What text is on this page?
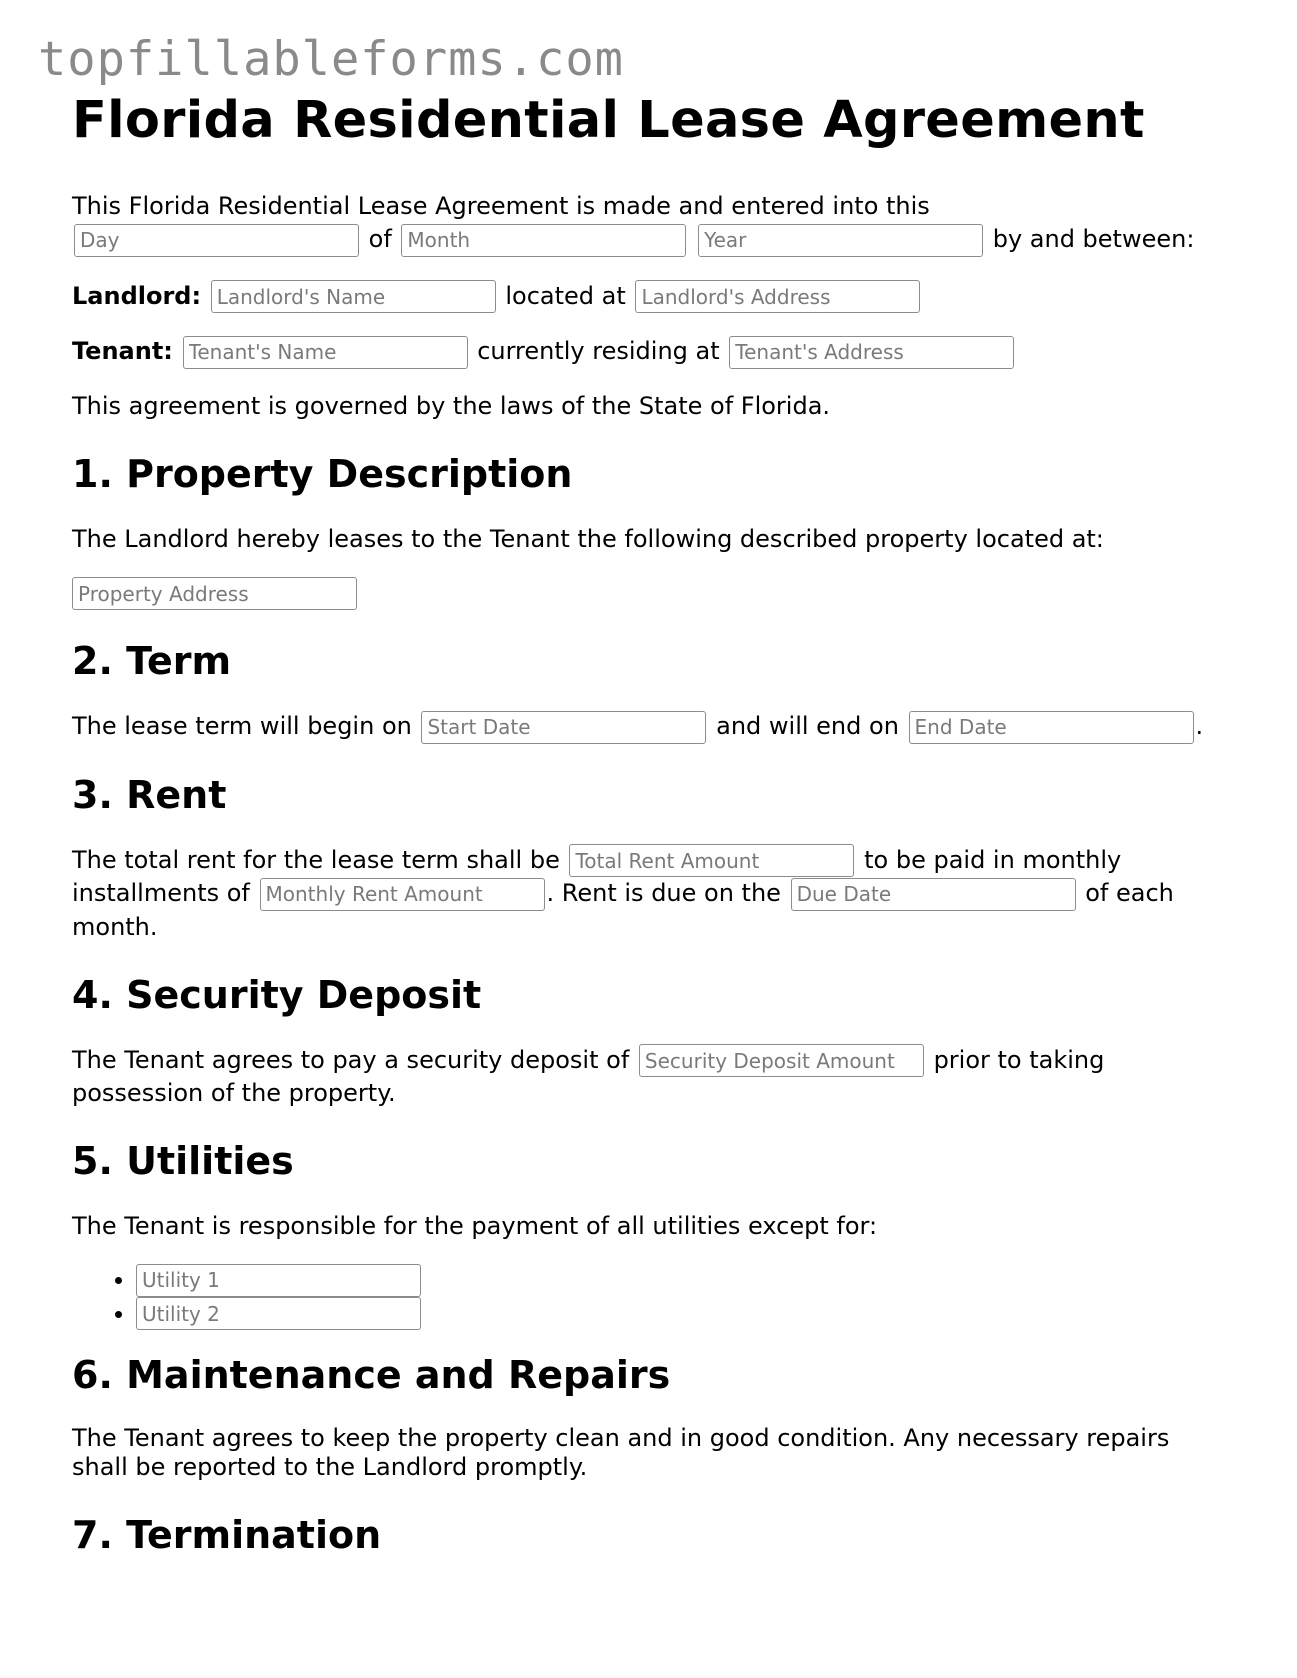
topfillableforms.com
Florida Residential Lease Agreement

This Florida Residential Lease Agreement is made and entered into this
Day of Month Year	by and between:

Landlord: Landlord's Name	located at Landlord's Address

Tenant: Tenant's Name	currently residing at Tenant's Address

This agreement is governed by the laws of the State of Florida.

1. Property Description

The Landlord hereby leases to the Tenant the following described property located at:

Property Address

2. Term

The lease term will begin on Start Date	and will end on End Date	.

3. Rent

The total rent for the lease term shall be Total Rent Amount	to be paid in monthly installments of Monthly Rent Amount	. Rent is due on the Due Date	of each month.

4. Security Deposit

The Tenant agrees to pay a security deposit of Security Deposit Amount	prior to taking possession of the property.

5. Utilities

The Tenant is responsible for the payment of all utilities except for:

• Utility 1
• Utility 2
6. Maintenance and Repairs

The Tenant agrees to keep the property clean and in good condition. Any necessary repairs shall be reported to the Landlord promptly.

7. Termination
